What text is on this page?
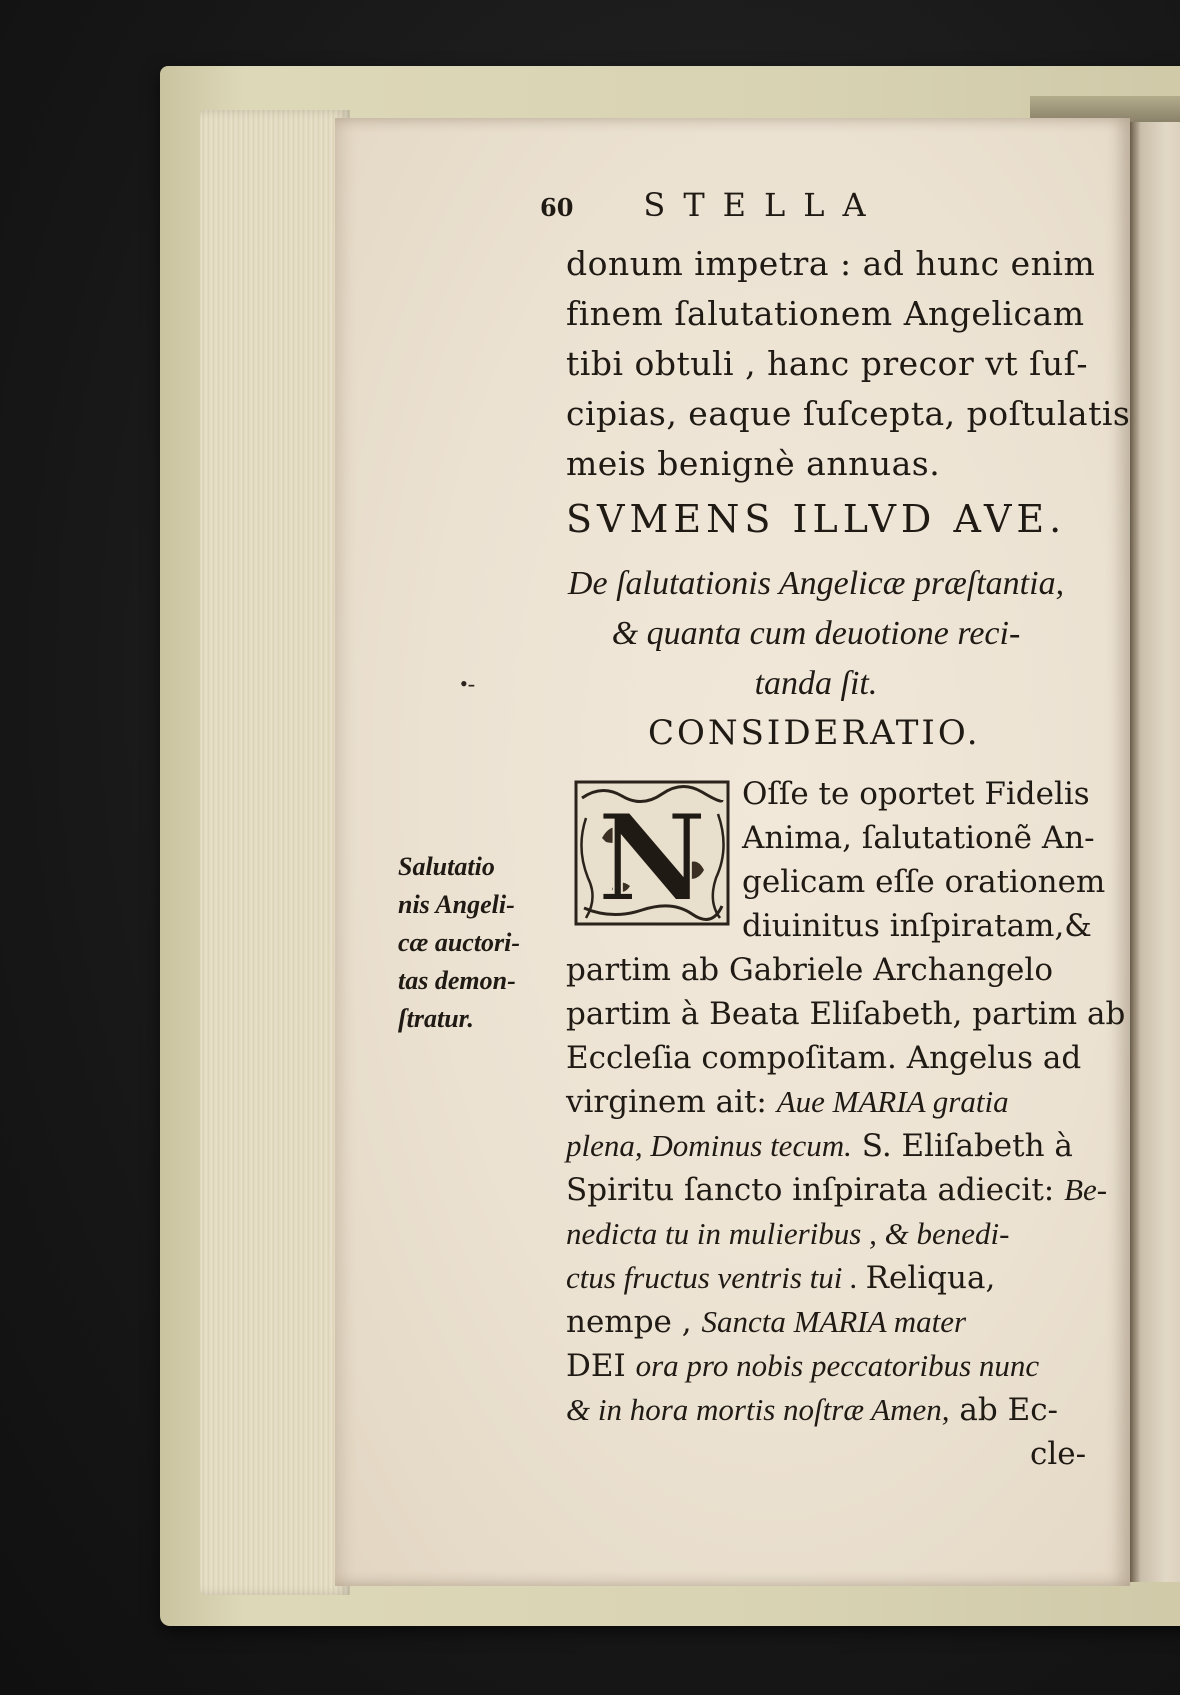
60 STELLA
donum impetra : ad hunc enim
finem ſalutationem Angelicam
tibi obtuli , hanc precor vt ſuſ-
cipias, eaque ſuſcepta, poſtulatis
meis benignè annuas.
SVMENS ILLVD AVE.
De ſalutationis Angelicæ præſtantia,
& quanta cum deuotione reci-
tanda ſit.
•-
CONSIDERATIO.
N Oſſe te oportet Fidelis
Anima, ſalutationẽ An-
gelicam eſſe orationem
diuinitus inſpiratam,&
partim ab Gabriele Archangelo
partim à Beata Eliſabeth, partim ab
Eccleſia compoſitam. Angelus ad
virginem ait: Aue MARIA gratia
plena, Dominus tecum. S. Eliſabeth à
Spiritu ſancto inſpirata adiecit: Be-
nedicta tu in mulieribus , & benedi-
ctus fructus ventris tui . Reliqua,
nempe , Sancta MARIA mater
DEI ora pro nobis peccatoribus nunc
& in hora mortis noſtræ Amen, ab Ec-
cle-
Salutatio
nis Angeli-
cæ auctori-
tas demon-
ſtratur.
